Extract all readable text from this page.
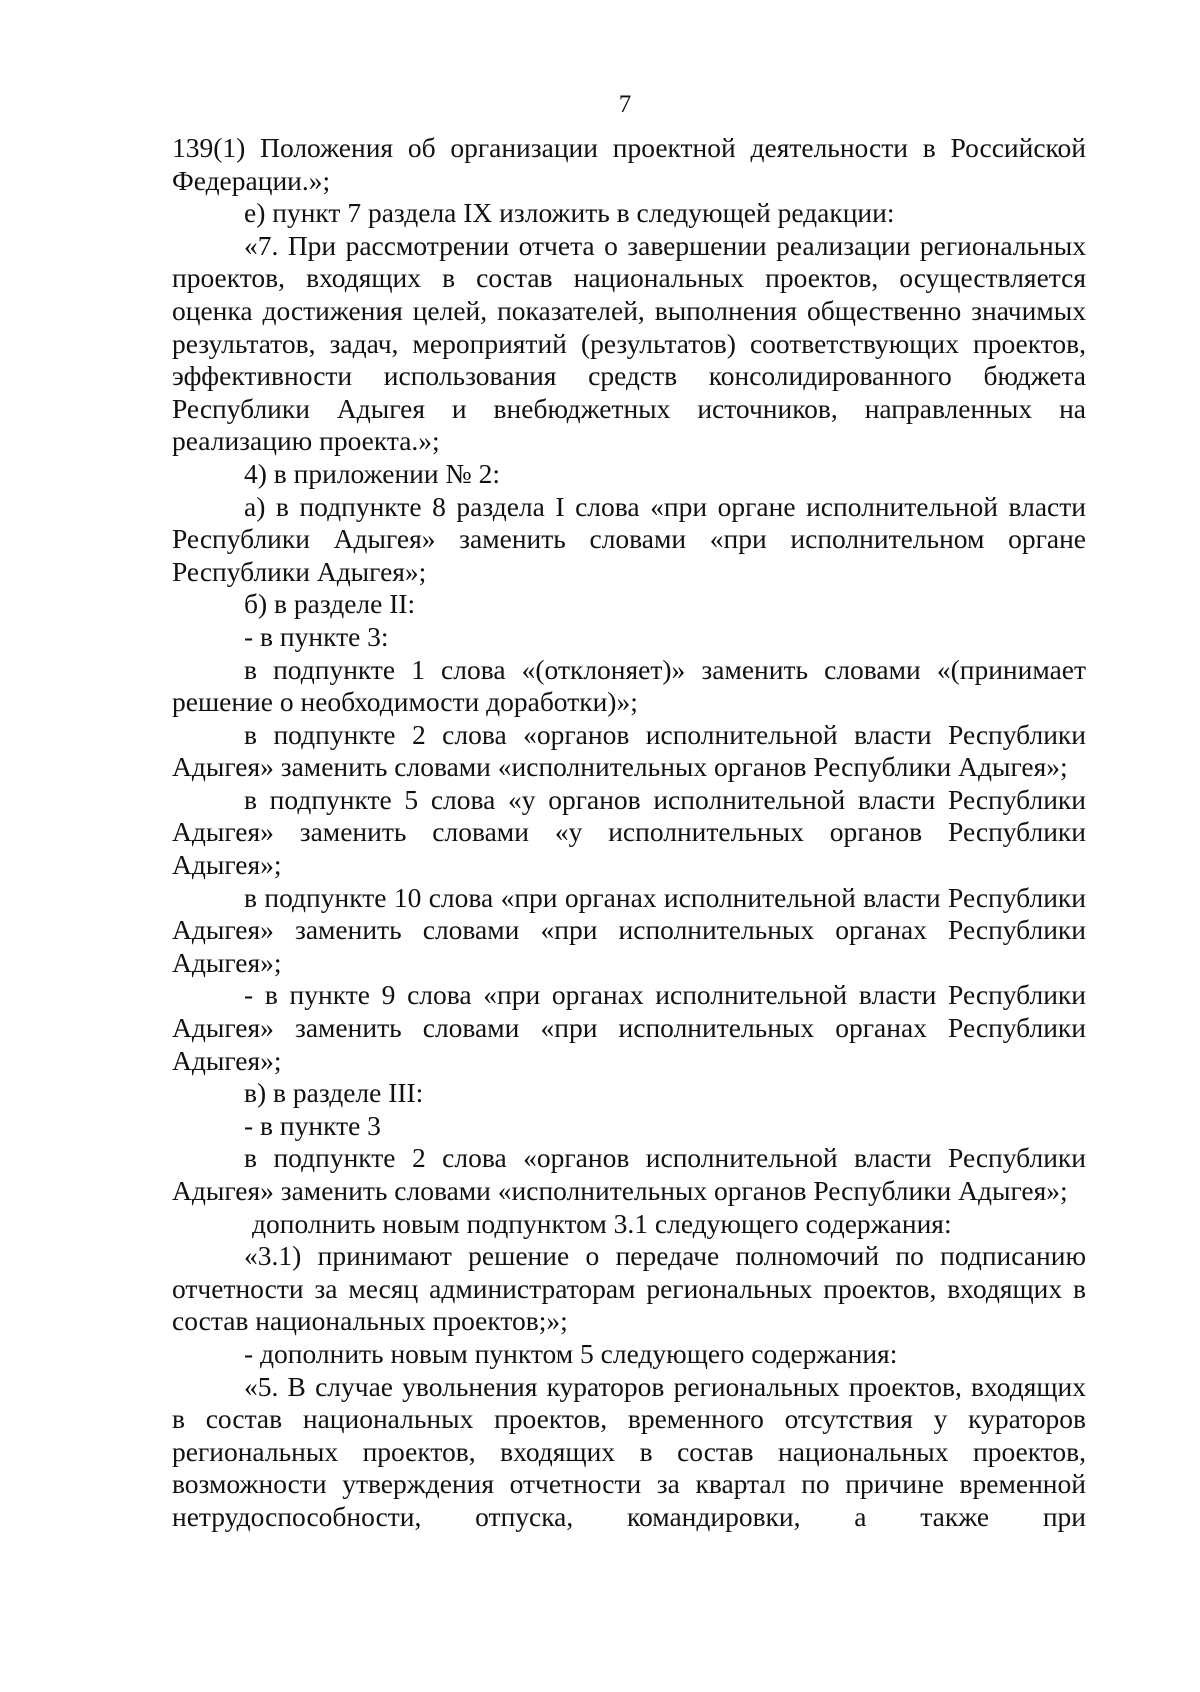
7

139(1) Положения об организации проектной деятельности в Российской Федерации.»;

е) пункт 7 раздела IX изложить в следующей редакции:

«7. При рассмотрении отчета о завершении реализации региональных проектов, входящих в состав национальных проектов, осуществляется оценка достижения целей, показателей, выполнения общественно значимых результатов, задач, мероприятий (результатов) соответствующих проектов, эффективности использования средств консолидированного бюджета Республики Адыгея и внебюджетных источников, направленных на реализацию проекта.»;

4) в приложении № 2:

а) в подпункте 8 раздела I слова «при органе исполнительной власти Республики Адыгея» заменить словами «при исполнительном органе Республики Адыгея»;

б) в разделе II:

- в пункте 3:

в подпункте 1 слова «(отклоняет)» заменить словами «(принимает решение о необходимости доработки)»;

в подпункте 2 слова «органов исполнительной власти Республики Адыгея» заменить словами «исполнительных органов Республики Адыгея»;

в подпункте 5 слова «у органов исполнительной власти Республики Адыгея» заменить словами «у исполнительных органов Республики Адыгея»;

в подпункте 10 слова «при органах исполнительной власти Республики Адыгея» заменить словами «при исполнительных органах Республики Адыгея»;

- в пункте 9 слова «при органах исполнительной власти Республики Адыгея» заменить словами «при исполнительных органах Республики Адыгея»;

в) в разделе III:

- в пункте 3

в подпункте 2 слова «органов исполнительной власти Республики Адыгея» заменить словами «исполнительных органов Республики Адыгея»;

дополнить новым подпунктом 3.1 следующего содержания:

«3.1) принимают решение о передаче полномочий по подписанию отчетности за месяц администраторам региональных проектов, входящих в состав национальных проектов;»;

- дополнить новым пунктом 5 следующего содержания:

«5. В случае увольнения кураторов региональных проектов, входящих в состав национальных проектов, временного отсутствия у кураторов региональных проектов, входящих в состав национальных проектов, возможности утверждения отчетности за квартал по причине временной нетрудоспособности, отпуска, командировки, а также при
